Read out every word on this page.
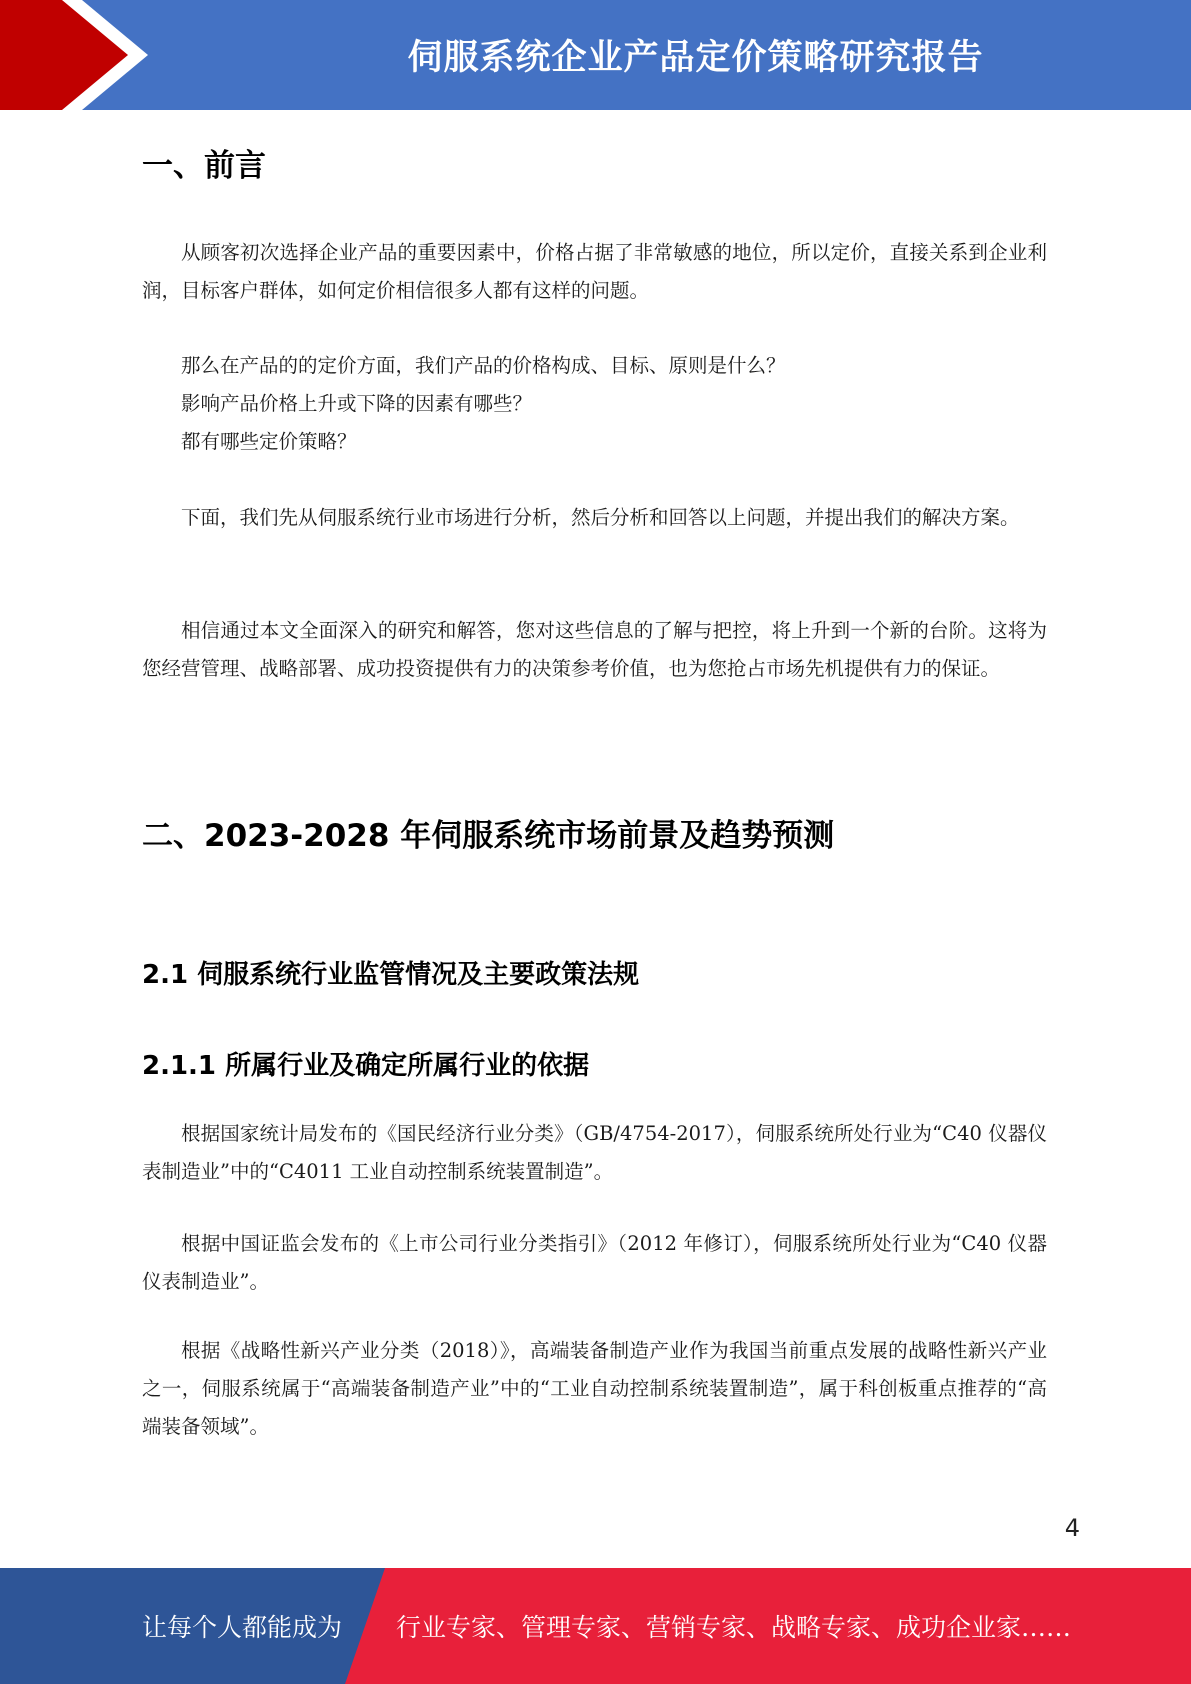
伺服系统企业产品定价策略研究报告
一、前言

从顾客初次选择企业产品的重要因素中，价格占据了非常敏感的地位，所以定价，直接关系到企业利润，目标客户群体，如何定价相信很多人都有这样的问题。

那么在产品的的定价方面，我们产品的价格构成、目标、原则是什么？

影响产品价格上升或下降的因素有哪些？

都有哪些定价策略？

下面，我们先从伺服系统行业市场进行分析，然后分析和回答以上问题，并提出我们的解决方案。

相信通过本文全面深入的研究和解答，您对这些信息的了解与把控，将上升到一个新的台阶。这将为您经营管理、战略部署、成功投资提供有力的决策参考价值，也为您抢占市场先机提供有力的保证。

二、2023-2028 年伺服系统市场前景及趋势预测
2.1 伺服系统行业监管情况及主要政策法规
2.1.1 所属行业及确定所属行业的依据

根据国家统计局发布的《国民经济行业分类》（GB/4754-2017），伺服系统所处行业为“C40 仪器仪表制造业”中的“C4011 工业自动控制系统装置制造”。

根据中国证监会发布的《上市公司行业分类指引》（2012 年修订），伺服系统所处行业为“C40 仪器仪表制造业”。

根据《战略性新兴产业分类（2018）》，高端装备制造产业作为我国当前重点发展的战略性新兴产业之一，伺服系统属于“高端装备制造产业”中的“工业自动控制系统装置制造”，属于科创板重点推荐的“高端装备领域”。

4
让每个人都能成为 行业专家、管理专家、营销专家、战略专家、成功企业家……
